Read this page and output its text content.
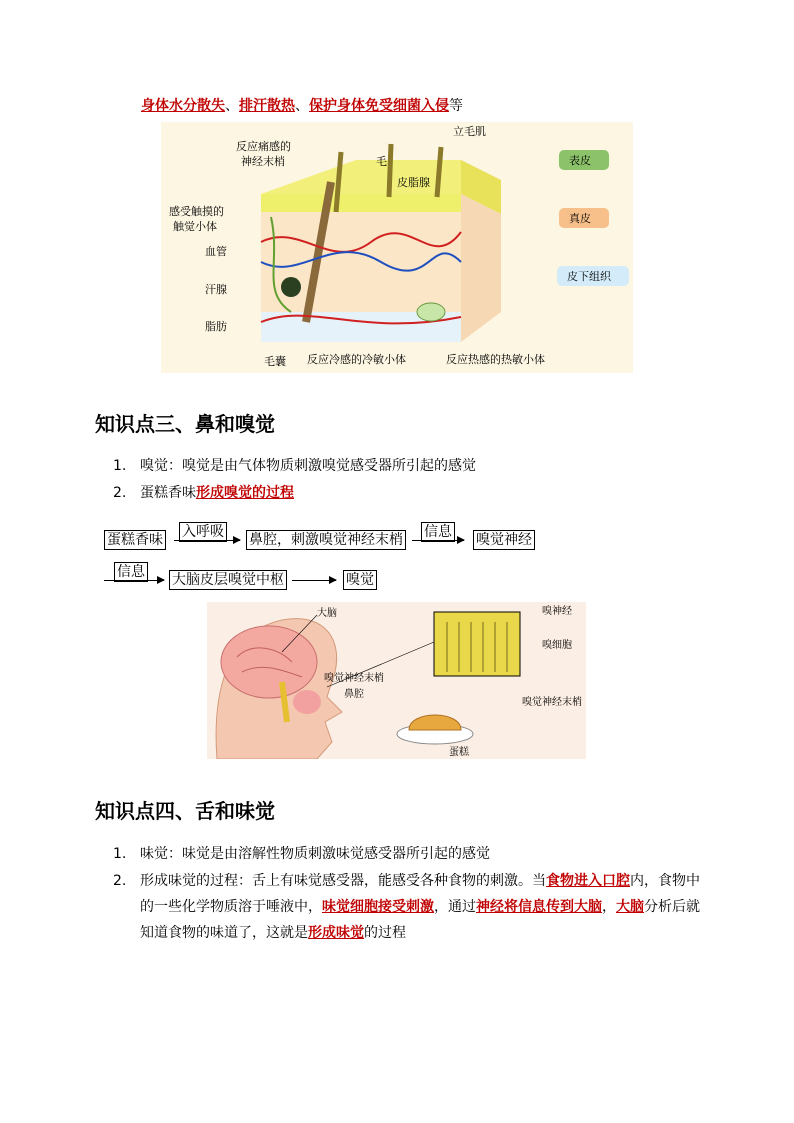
身体水分散失、排汗散热、保护身体免受细菌入侵等
反应痛感的
神经末梢
立毛肌
毛
皮脂腺
感受触摸的
触觉小体
血管
汗腺
脂肪
毛囊 反应冷感的冷敏小体	反应热感的热敏小体
表皮
真皮
皮下组织
知识点三、鼻和嗅觉
1. 嗅觉：嗅觉是由气体物质刺激嗅觉感受器所引起的感觉
2. 蛋糕香味形成嗅觉的过程
蛋糕香味 入呼吸 鼻腔，刺激嗅觉神经末梢 信息 嗅觉神经
信息 大脑皮层嗅觉中枢	嗅觉
大脑	嗅神经
嗅细胞
嗅觉神经末梢
嗅觉神经末梢
鼻腔
蛋糕
知识点四、舌和味觉
1. 味觉：味觉是由溶解性物质刺激味觉感受器所引起的感觉
2. 形成味觉的过程：舌上有味觉感受器，能感受各种食物的刺激。当食物进入口腔内，食物中
的一些化学物质溶于唾液中，味觉细胞接受刺激，通过神经将信息传到大脑，大脑分析后就
知道食物的味道了，这就是形成味觉的过程
